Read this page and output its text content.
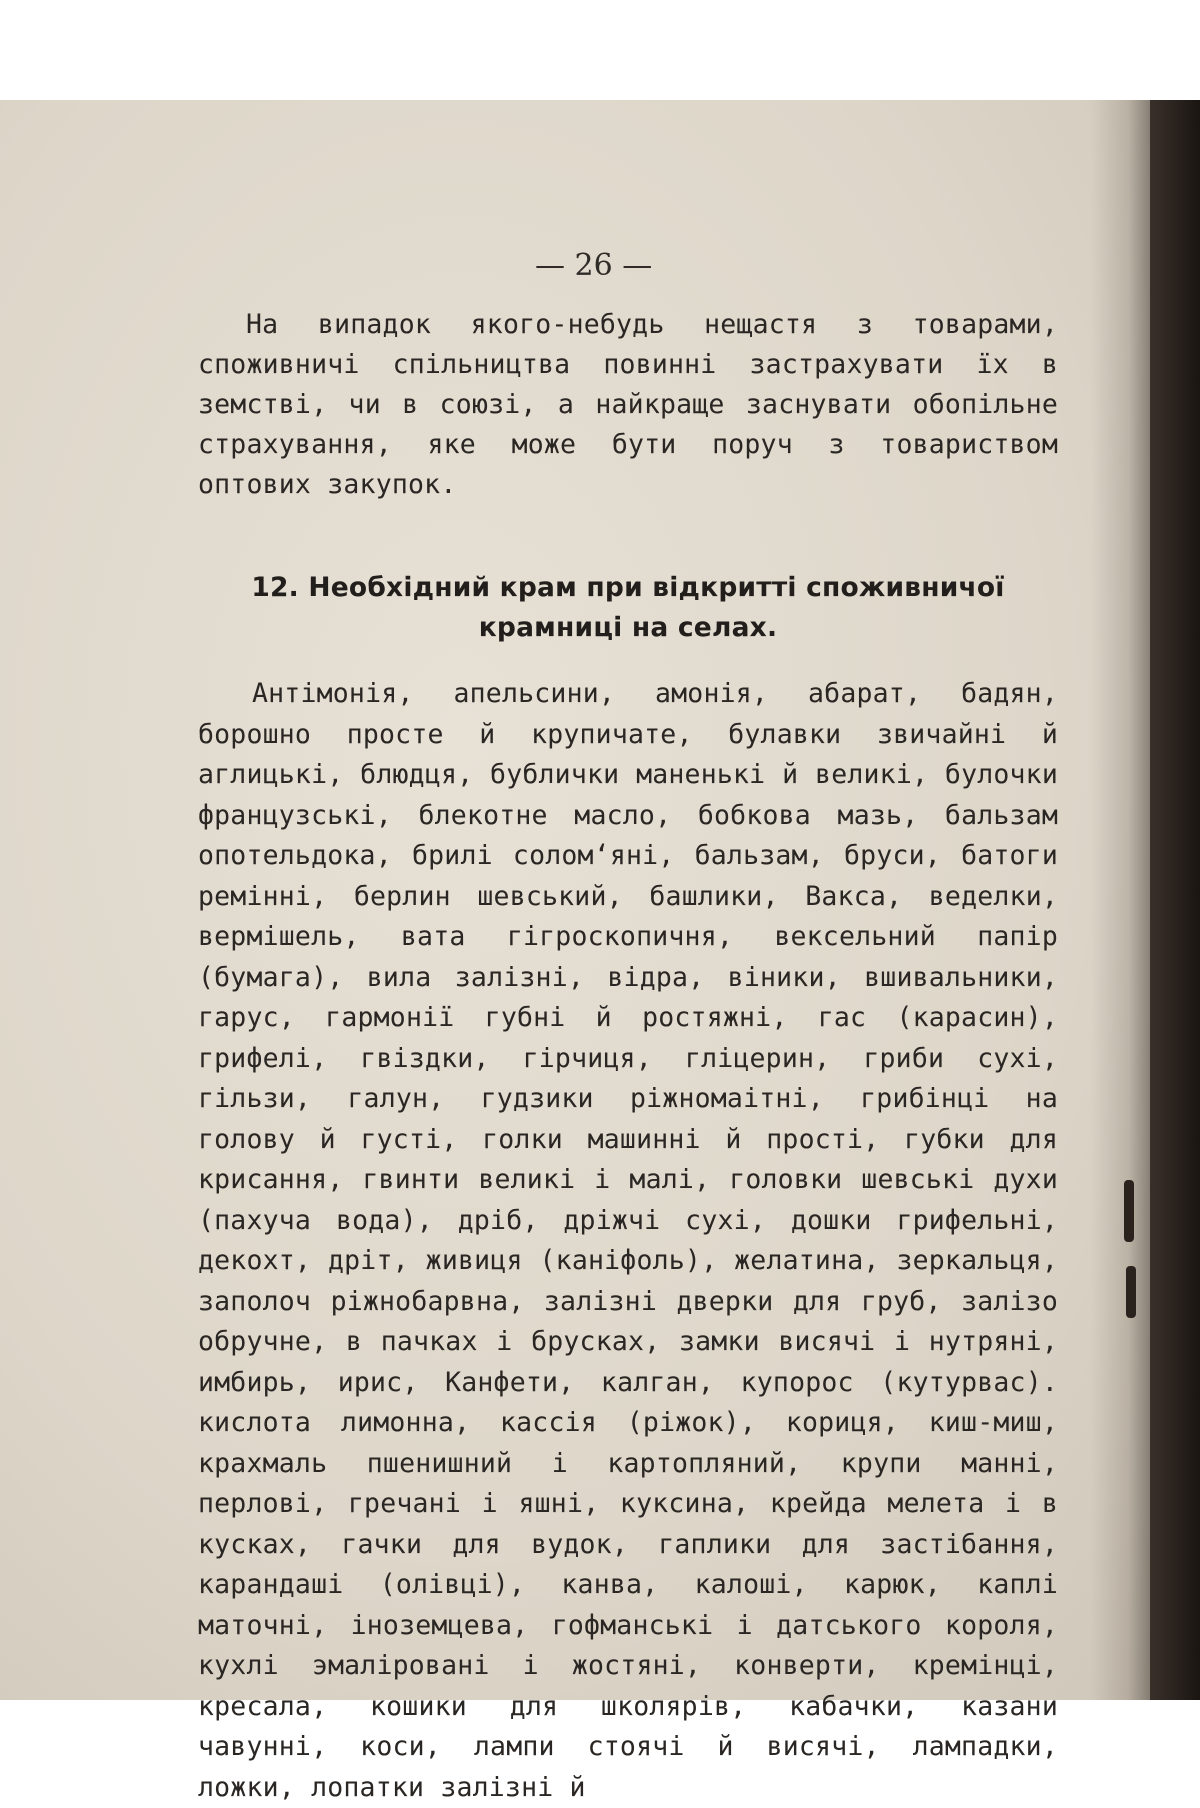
— 26 —
На випадок якого-небудь нещастя з товарами, споживничі спільництва повинні застрахувати їх в земстві, чи в союзі, а найкраще заснувати обопільне страхування, яке може бути поруч з товариством оптових закупок.
12. Необхідний крам при відкритті споживничої крамниці на селах.
Антімонія, апельсини, амонія, абарат, бадян, борошно просте й крупичате, булавки звичайні й аглицькі, блюдця, бублички маненькі й великі, булочки французські, блекотне масло, бобкова мазь, бальзам опотельдока, брилі солом‘яні, бальзам, бруси, батоги ремінні, берлин шевський, башлики, Вакса, веделки, вермішель, вата гігроскопичня, вексельний папір (бумага), вила залізні, відра, віники, вшивальники, гарус, гармонії губні й ростяжні, гас (карасин), грифелі, гвіздки, гірчиця, гліцерин, гриби сухі, гільзи, галун, гудзики ріжномаітні, грибінці на голову й густі, голки машинні й прості, губки для крисання, гвинти великі і малі, головки шевські духи (пахуча вода), дріб, дріжчі сухі, дошки грифельні, декохт, дріт, живиця (каніфоль), желатина, зеркальця, заполоч ріжнобарвна, залізні дверки для груб, залізо обручне, в пачках і брусках, замки висячі і нутряні, имбирь, ирис, Канфети, калган, купорос (кутурвас). кислота лимонна, кассія (ріжок), кориця, киш-миш, крахмаль пшенишний і картопляний, крупи манні, перлові, гречані і яшні, куксина, крейда мелета і в кусках, гачки для вудок, гаплики для застібання, карандаші (олівці), канва, калоші, карюк, каплі маточні, іноземцева, гофманські і датського короля, кухлі эмаліровані і жостяні, конверти, кремінці, кресала, кошики для школярів, кабачки, казани чавунні, коси, лампи стоячі й висячі, лампадки, ложки, лопатки залізні й
